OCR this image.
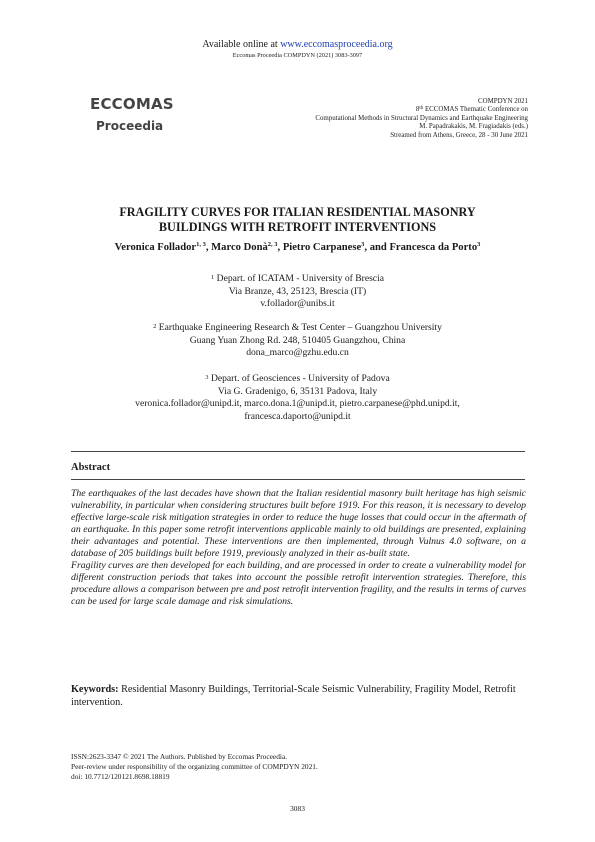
Available online at www.eccomasproceedia.org
Eccomas Proceedia COMPDYN (2021) 3083-3097
ECCOMAS
Proceedia
COMPDYN 2021
8th ECCOMAS Thematic Conference on
Computational Methods in Structural Dynamics and Earthquake Engineering
M. Papadrakakis, M. Fragiadakis (eds.)
Streamed from Athens, Greece, 28 - 30 June 2021
FRAGILITY CURVES FOR ITALIAN RESIDENTIAL MASONRY
BUILDINGS WITH RETROFIT INTERVENTIONS
Veronica Follador$^{1, 3}$, Marco Donà$^{2, 3}$, Pietro Carpanese$^3$, and Francesca da Porto$^3$
$^1$ Depart. of ICATAM - University of Brescia
Via Branze, 43, 25123, Brescia (IT)
v.follador@unibs.it
$^2$ Earthquake Engineering Research & Test Center – Guangzhou University
Guang Yuan Zhong Rd. 248, 510405 Guangzhou, China
dona_marco@gzhu.edu.cn
$^3$ Depart. of Geosciences - University of Padova
Via G. Gradenigo, 6, 35131 Padova, Italy
veronica.follador@unipd.it, marco.dona.1@unipd.it, pietro.carpanese@phd.unipd.it,
francesca.daporto@unipd.it
Abstract

The earthquakes of the last decades have shown that the Italian residential masonry built heritage has high seismic vulnerability, in particular when considering structures built before 1919. For this reason, it is necessary to develop effective large-scale risk mitigation strategies in order to reduce the huge losses that could occur in the aftermath of an earthquake. In this paper some retrofit interventions applicable mainly to old buildings are presented, explaining their advantages and potential. These interventions are then implemented, through Vulnus 4.0 software, on a database of 205 buildings built before 1919, previously analyzed in their as-built state.

Fragility curves are then developed for each building, and are processed in order to create a vulnerability model for different construction periods that takes into account the possible retrofit intervention strategies. Therefore, this procedure allows a comparison between pre and post retrofit intervention fragility, and the results in terms of curves can be used for large scale damage and risk simulations.

Keywords: Residential Masonry Buildings, Territorial-Scale Seismic Vulnerability, Fragility Model, Retrofit intervention.
ISSN:2623-3347 © 2021 The Authors. Published by Eccomas Proceedia.
Peer-review under responsibility of the organizing committee of COMPDYN 2021.
doi: 10.7712/120121.8698.18819
3083
